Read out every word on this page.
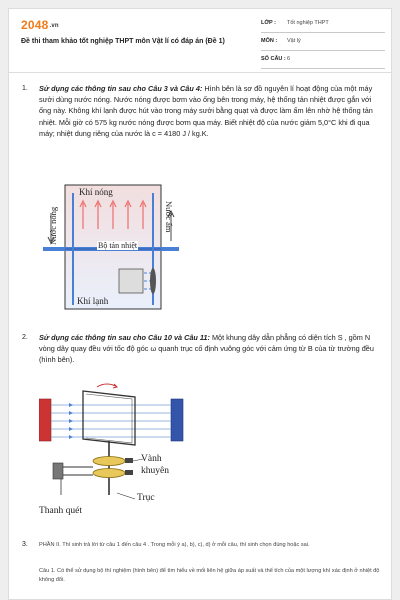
2048.vn
Đề thi tham khảo tốt nghiệp THPT môn Vật lí có đáp án (Đề 1)
LỚP : Tốt nghiệp THPT
MÔN : Vật lý
SỐ CÂU : 6
1. Sử dụng các thông tin sau cho Câu 3 và Câu 4: Hình bên là sơ đồ nguyên lí hoạt động của một máy sưởi dùng nước nóng. Nước nóng được bơm vào ống bên trong máy, hệ thống tản nhiệt được gắn với ống này. Không khí lạnh được hút vào trong máy sưởi bằng quạt và được làm ấm lên nhờ hệ thống tản nhiệt. Mỗi giờ có 575 kg nước nóng được bơm qua máy. Biết nhiệt độ của nước giảm 5,0°C khi đi qua máy; nhiệt dung riêng của nước là c = 4180 J / kg.K.
Khí nóng
Nước nóng	Nước ấm
Bộ tản nhiệt
Khí lạnh
2. Sử dụng các thông tin sau cho Câu 10 và Câu 11: Một khung dây dẫn phẳng có diện tích S , gồm N vòng dây quay đều với tốc độ góc ω quanh trục cố định vuông góc với cảm ứng từ B của từ trường đều (hình bên).
Vành khuyên
Trục
Thanh quét
3. PHẦN II. Thí sinh trả lời từ câu 1 đến câu 4 . Trong mỗi ý a), b), c), d) ở mỗi câu, thí sinh chọn đúng hoặc sai.
Câu 1. Có thể sử dụng bộ thí nghiệm (hình bên) để tìm hiểu về mối liên hệ giữa áp suất và thể tích của một lượng khí xác định ở nhiệt độ không đổi.
